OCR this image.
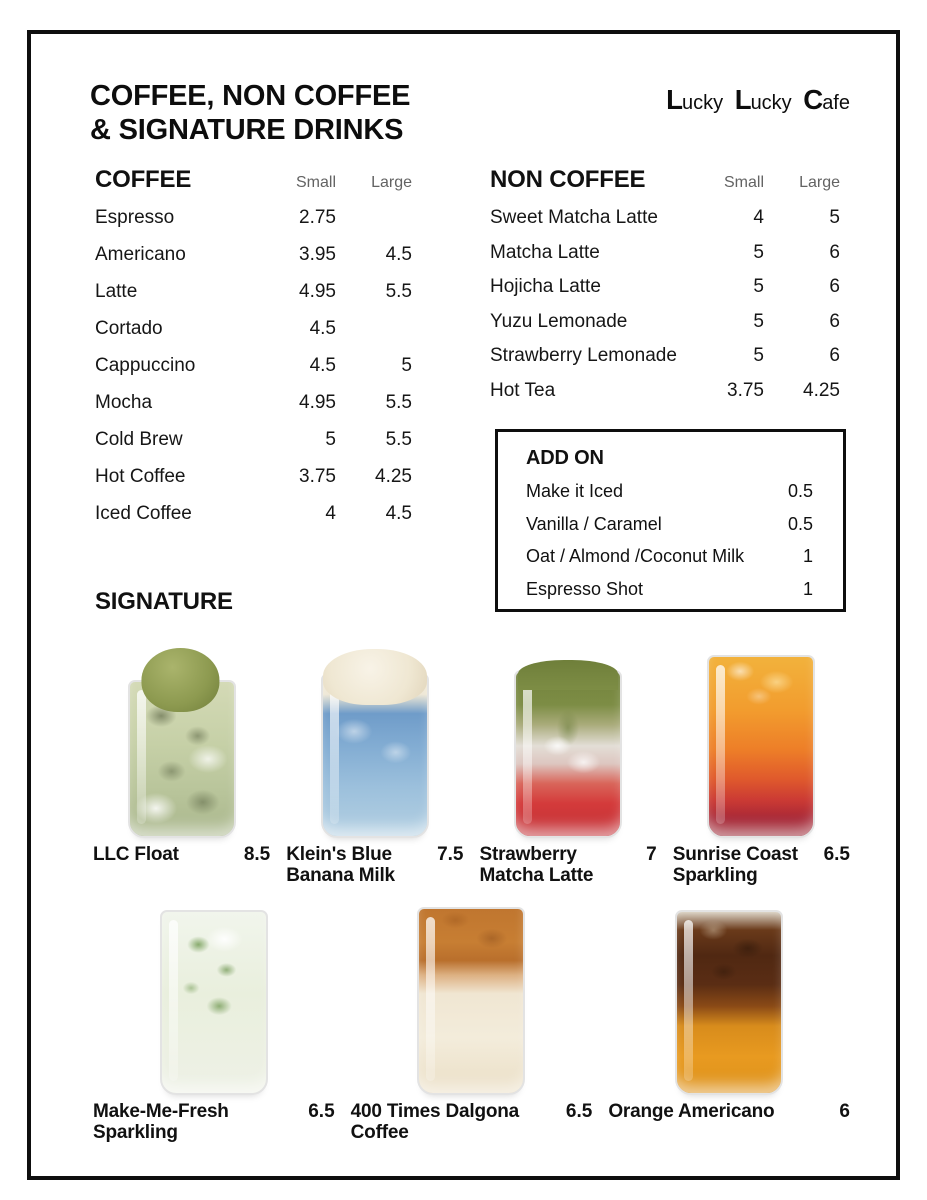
COFFEE, NON COFFEE
& SIGNATURE DRINKS
Lucky Lucky Cafe
COFFEE	Small	Large
Espresso	2.75
Americano	3.95	4.5
Latte	4.95	5.5
Cortado	4.5
Cappuccino	4.5	5
Mocha	4.95	5.5
Cold Brew	5	5.5
Hot Coffee	3.75	4.25
Iced Coffee	4	4.5
NON COFFEE	Small	Large
Sweet Matcha Latte	4	5
Matcha Latte	5	6
Hojicha Latte	5	6
Yuzu Lemonade	5	6
Strawberry Lemonade	5	6
Hot Tea	3.75	4.25
ADD ON
Make it Iced	0.5
Vanilla / Caramel	0.5
Oat / Almond /Coconut Milk	1
Espresso Shot	1
SIGNATURE
LLC Float	8.5 Klein's Blue Banana Milk
7.5 Strawberry Matcha Latte
7 Sunrise Coast Sparkling
6.5
Make-Me-Fresh Sparkling
6.5 400 Times Dalgona Coffee
6.5 Orange Americano	6
